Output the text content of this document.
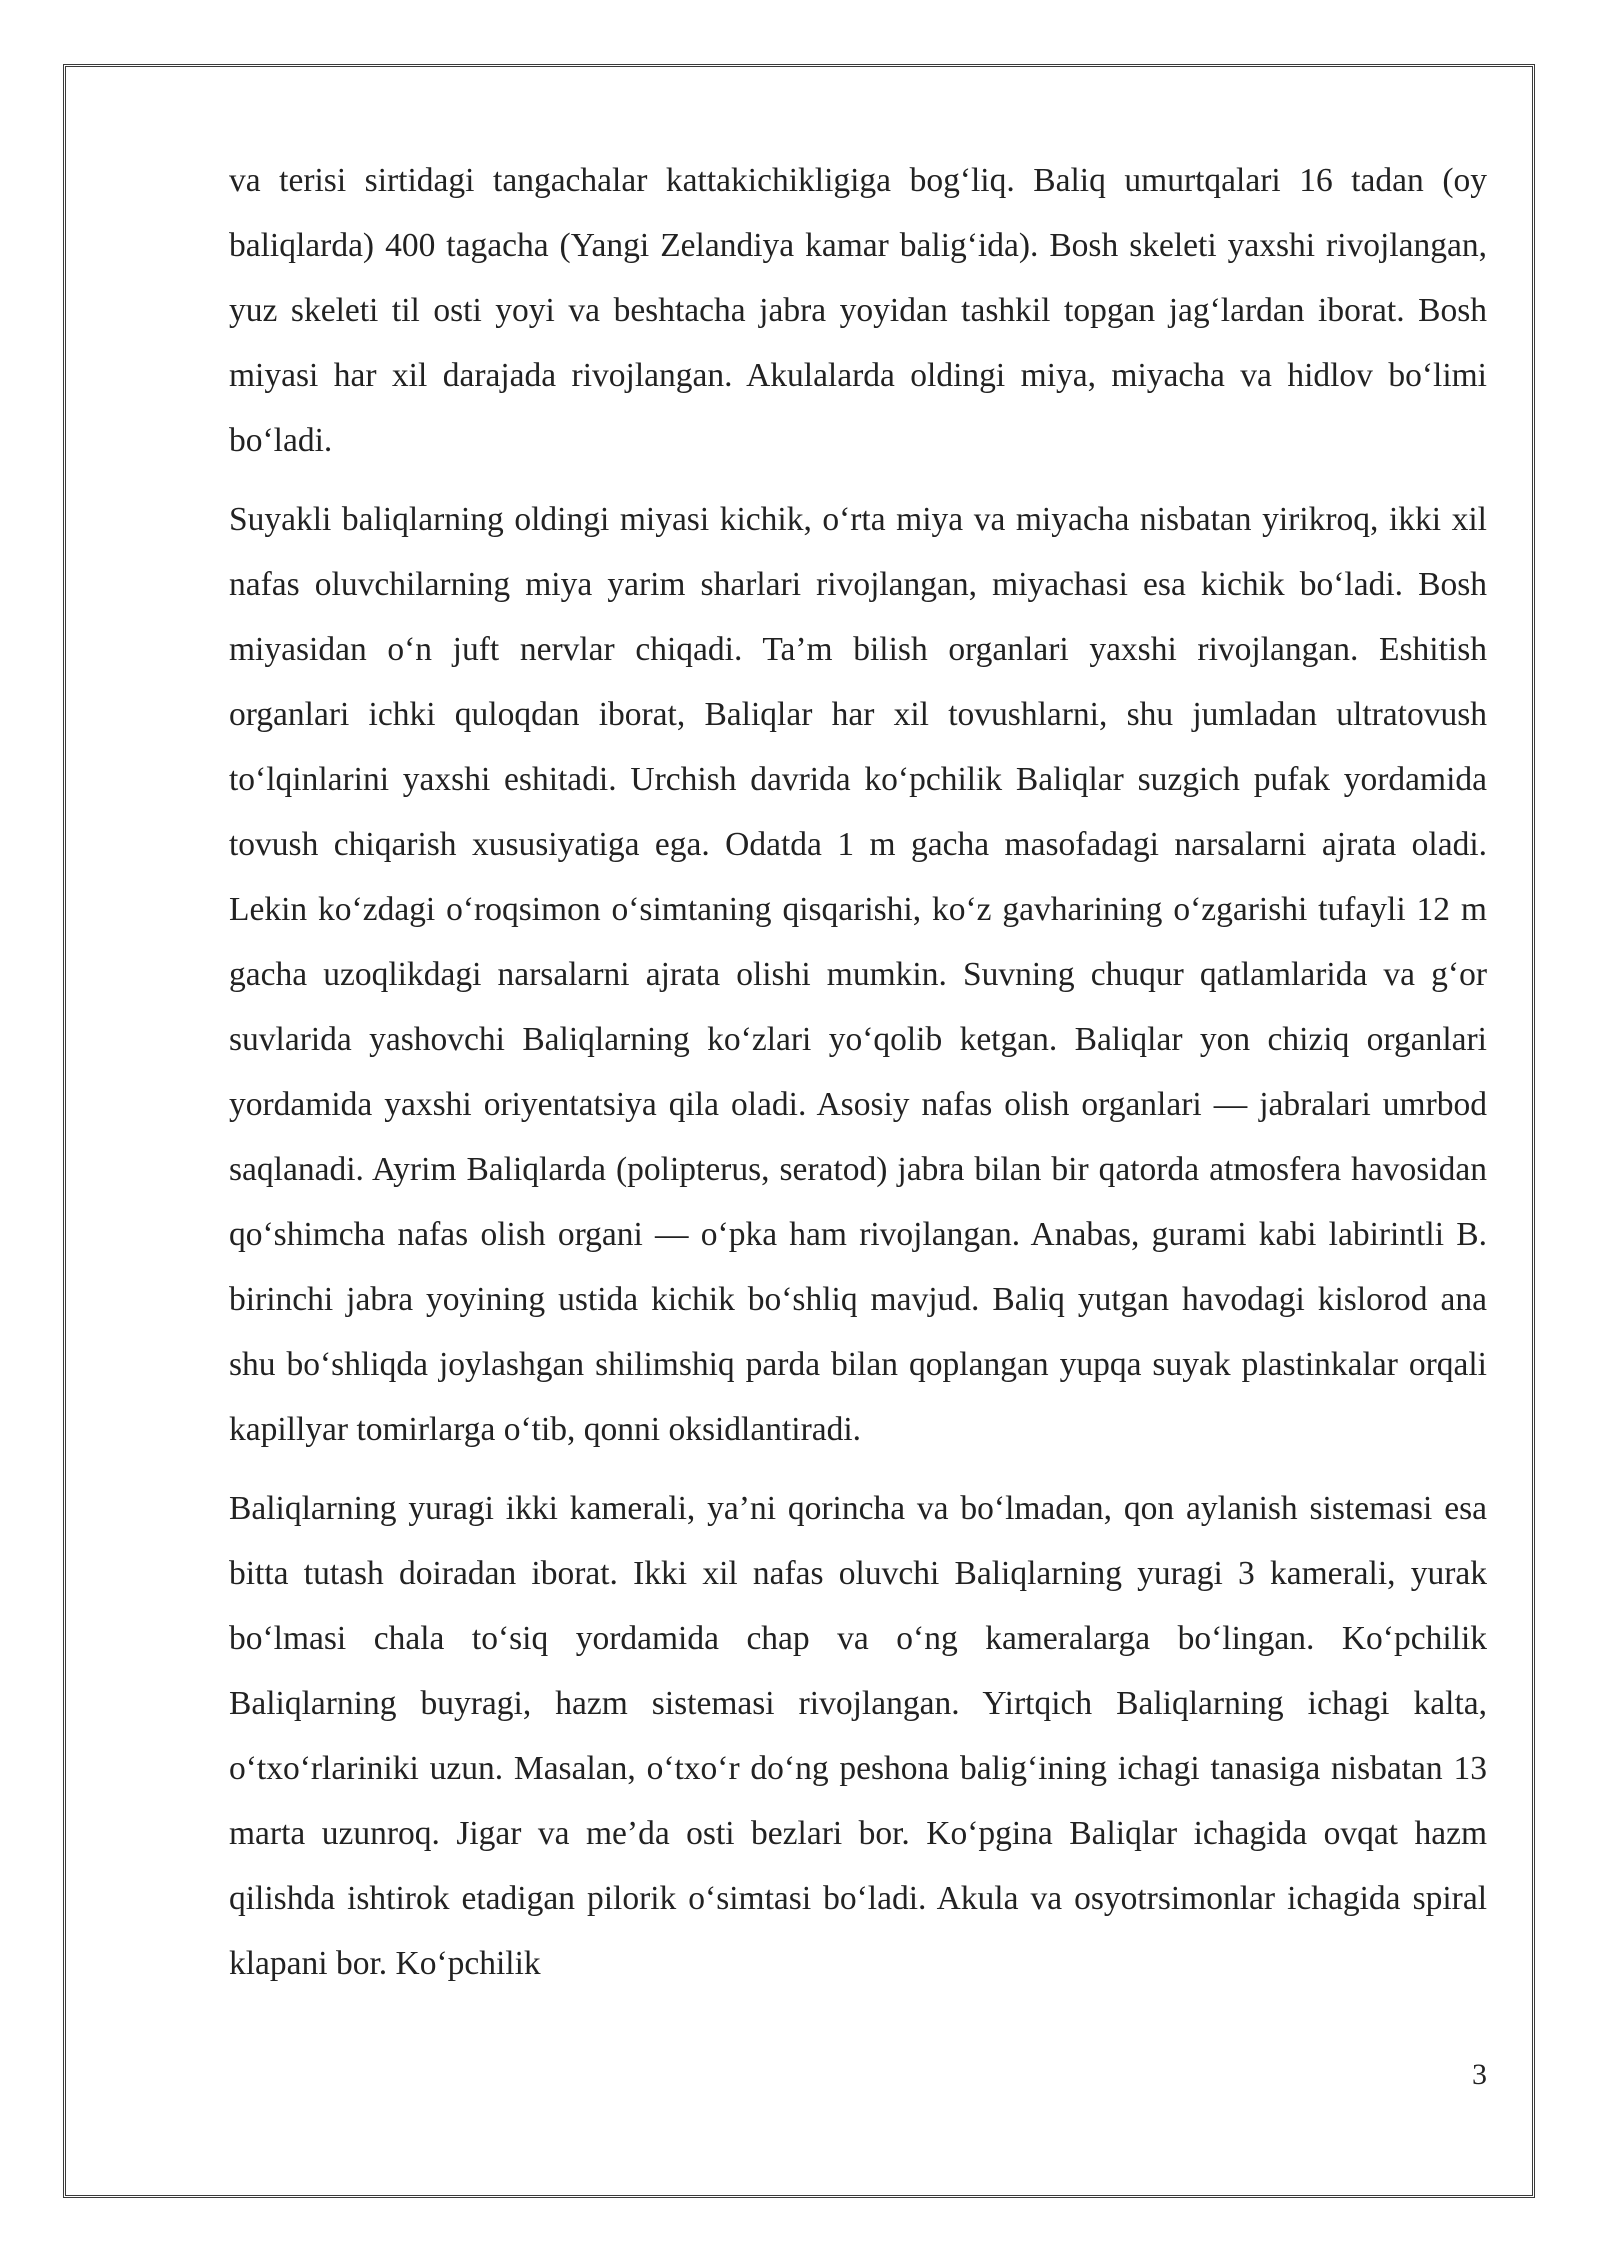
va terisi sirtidagi tangachalar kattakichikligiga bog‘liq. Baliq umurtqalari 16 tadan (oy baliqlarda) 400 tagacha (Yangi Zelandiya kamar balig‘ida). Bosh skeleti yaxshi rivojlangan, yuz skeleti til osti yoyi va beshtacha jabra yoyidan tashkil topgan jag‘lardan iborat. Bosh miyasi har xil darajada rivojlangan. Akulalarda oldingi miya, miyacha va hidlov bo‘limi bo‘ladi.

Suyakli baliqlarning oldingi miyasi kichik, o‘rta miya va miyacha nisbatan yirikroq, ikki xil nafas oluvchilarning miya yarim sharlari rivojlangan, miyachasi esa kichik bo‘ladi. Bosh miyasidan o‘n juft nervlar chiqadi. Ta’m bilish organlari yaxshi rivojlangan. Eshitish organlari ichki quloqdan iborat, Baliqlar har xil tovushlarni, shu jumladan ultratovush to‘lqinlarini yaxshi eshitadi. Urchish davrida ko‘pchilik Baliqlar suzgich pufak yordamida tovush chiqarish xususiyatiga ega. Odatda 1 m gacha masofadagi narsalarni ajrata oladi. Lekin ko‘zdagi o‘roqsimon o‘simtaning qisqarishi, ko‘z gavharining o‘zgarishi tufayli 12 m gacha uzoqlikdagi narsalarni ajrata olishi mumkin. Suvning chuqur qatlamlarida va g‘or suvlarida yashovchi Baliqlarning ko‘zlari yo‘qolib ketgan. Baliqlar yon chiziq organlari yordamida yaxshi oriyentatsiya qila oladi. Asosiy nafas olish organlari — jabralari umrbod saqlanadi. Ayrim Baliqlarda (polipterus, seratod) jabra bilan bir qatorda atmosfera havosidan qo‘shimcha nafas olish organi — o‘pka ham rivojlangan. Anabas, gurami kabi labirintli B. birinchi jabra yoyining ustida kichik bo‘shliq mavjud. Baliq yutgan havodagi kislorod ana shu bo‘shliqda joylashgan shilimshiq parda bilan qoplangan yupqa suyak plastinkalar orqali kapillyar tomirlarga o‘tib, qonni oksidlantiradi.

Baliqlarning yuragi ikki kamerali, ya’ni qorincha va bo‘lmadan, qon aylanish sistemasi esa bitta tutash doiradan iborat. Ikki xil nafas oluvchi Baliqlarning yuragi 3 kamerali, yurak bo‘lmasi chala to‘siq yordamida chap va o‘ng kameralarga bo‘lingan. Ko‘pchilik Baliqlarning buyragi, hazm sistemasi rivojlangan. Yirtqich Baliqlarning ichagi kalta, o‘txo‘rlariniki uzun. Masalan, o‘txo‘r do‘ng peshona balig‘ining ichagi tanasiga nisbatan 13 marta uzunroq. Jigar va me’da osti bezlari bor. Ko‘pgina Baliqlar ichagida ovqat hazm qilishda ishtirok etadigan pilorik o‘simtasi bo‘ladi. Akula va osyotrsimonlar ichagida spiral klapani bor. Ko‘pchilik

3
